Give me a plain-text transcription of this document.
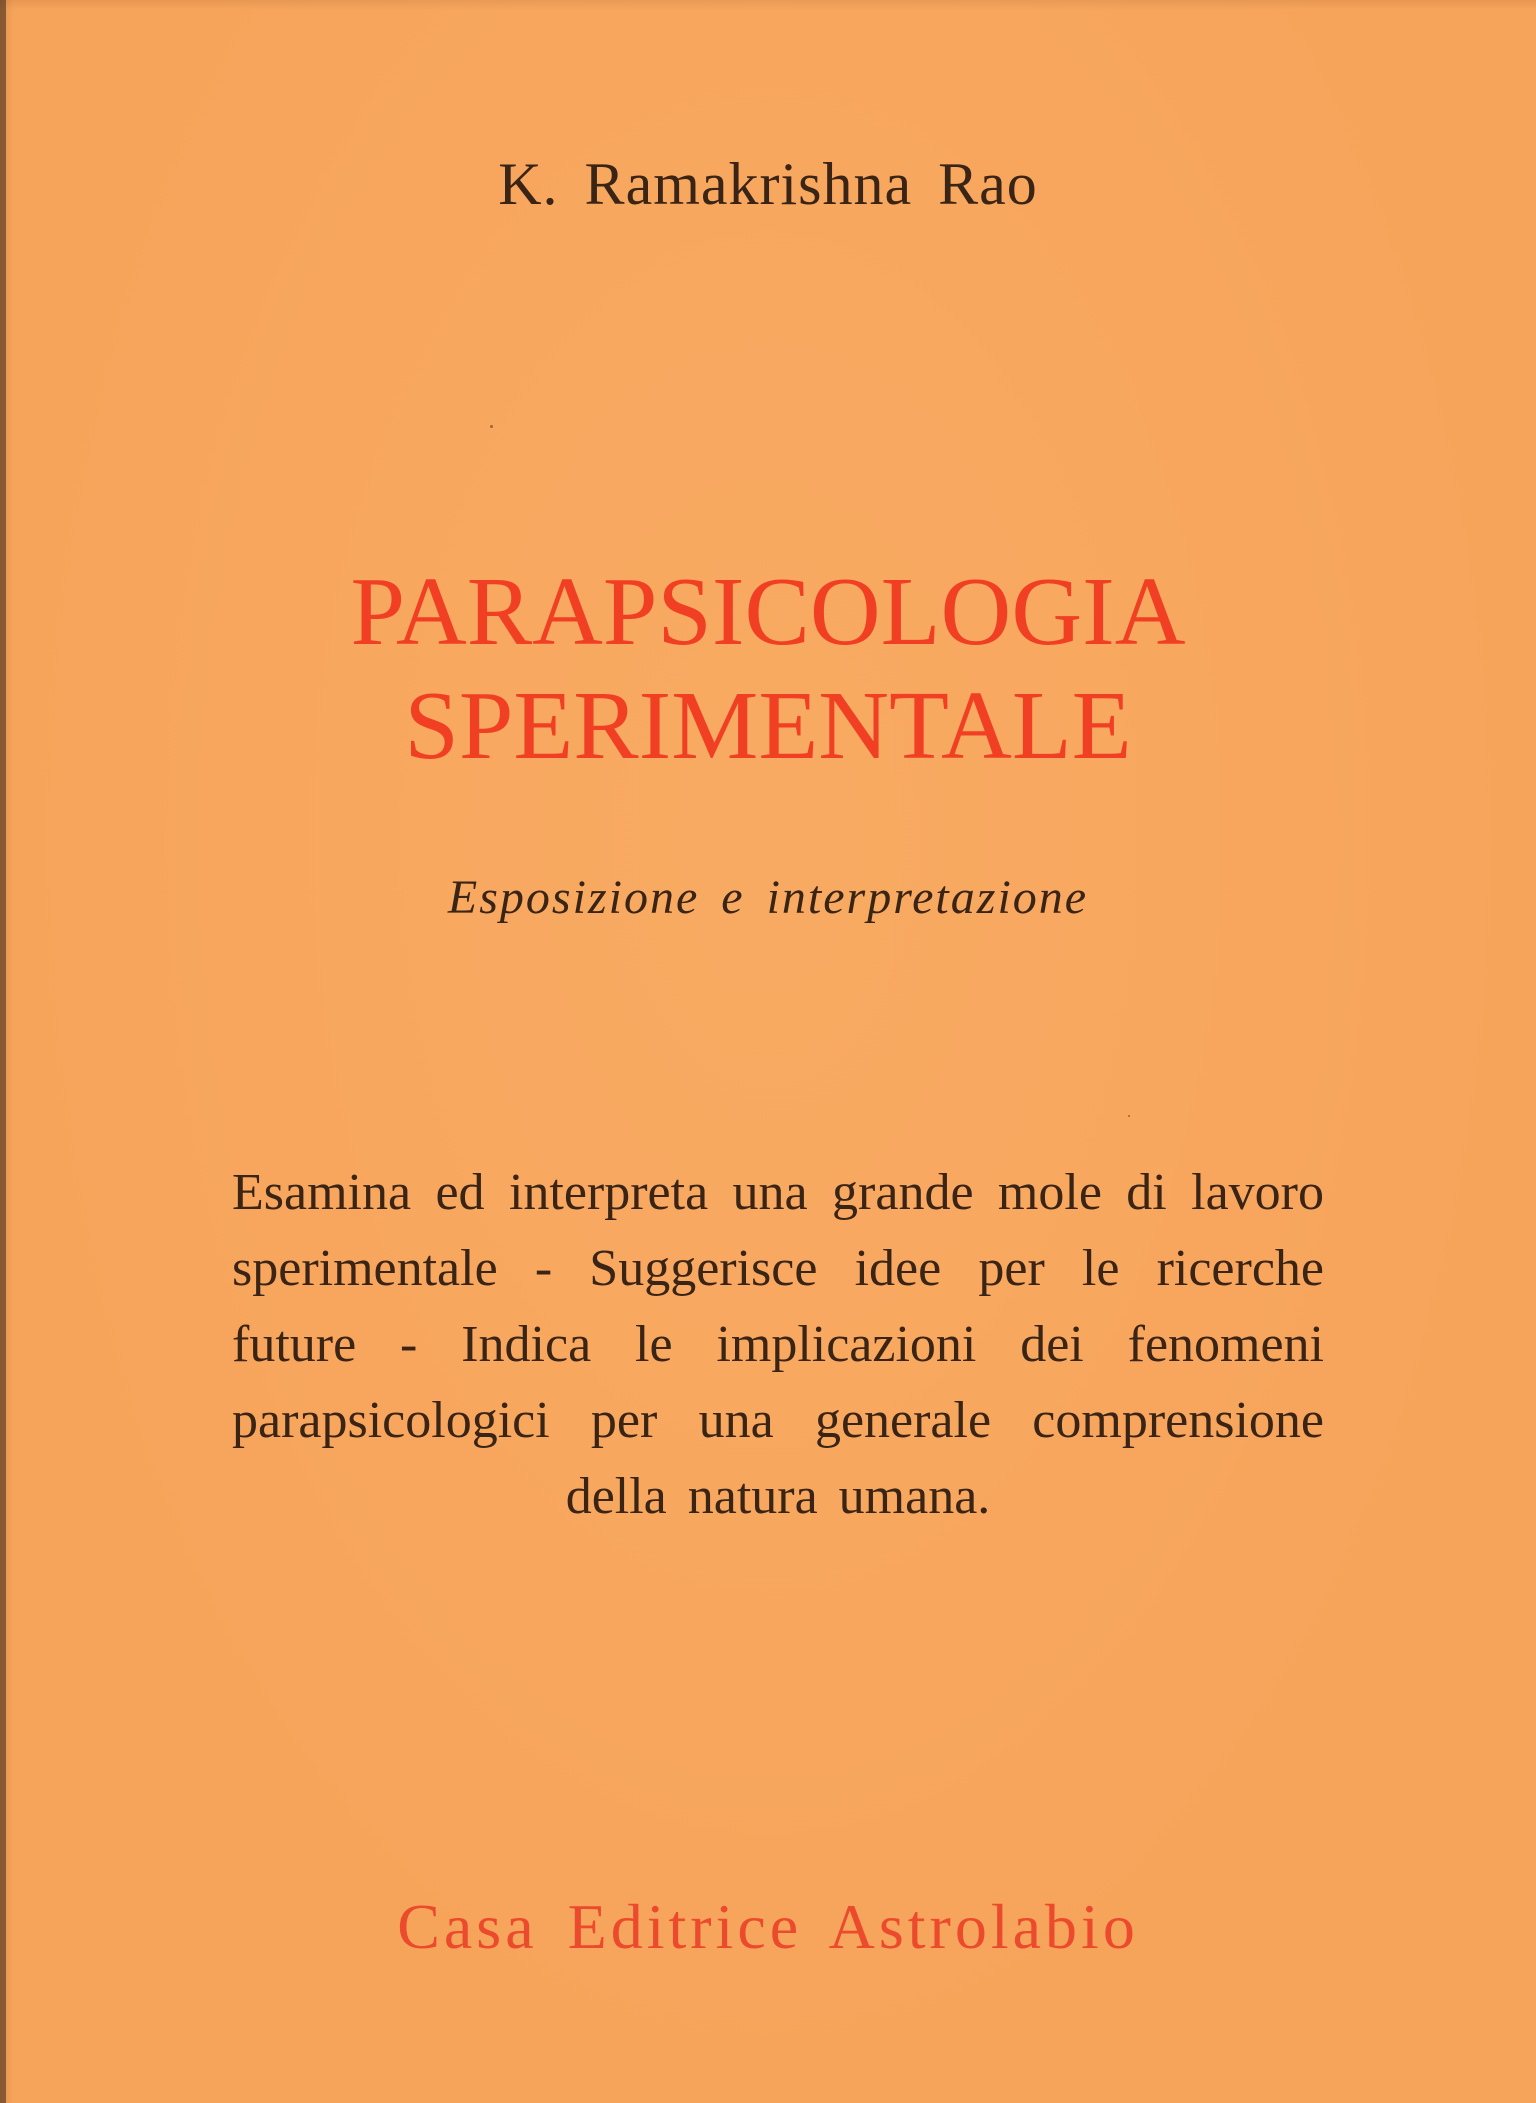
K. Ramakrishna Rao
PARAPSICOLOGIA
SPERIMENTALE
Esposizione e interpretazione
Esamina ed interpreta una grande mole di lavoro sperimentale - Suggerisce idee per le ricerche future - Indica le implicazioni dei fenomeni parapsicologici per una generale comprensione della natura umana.
Casa Editrice Astrolabio
